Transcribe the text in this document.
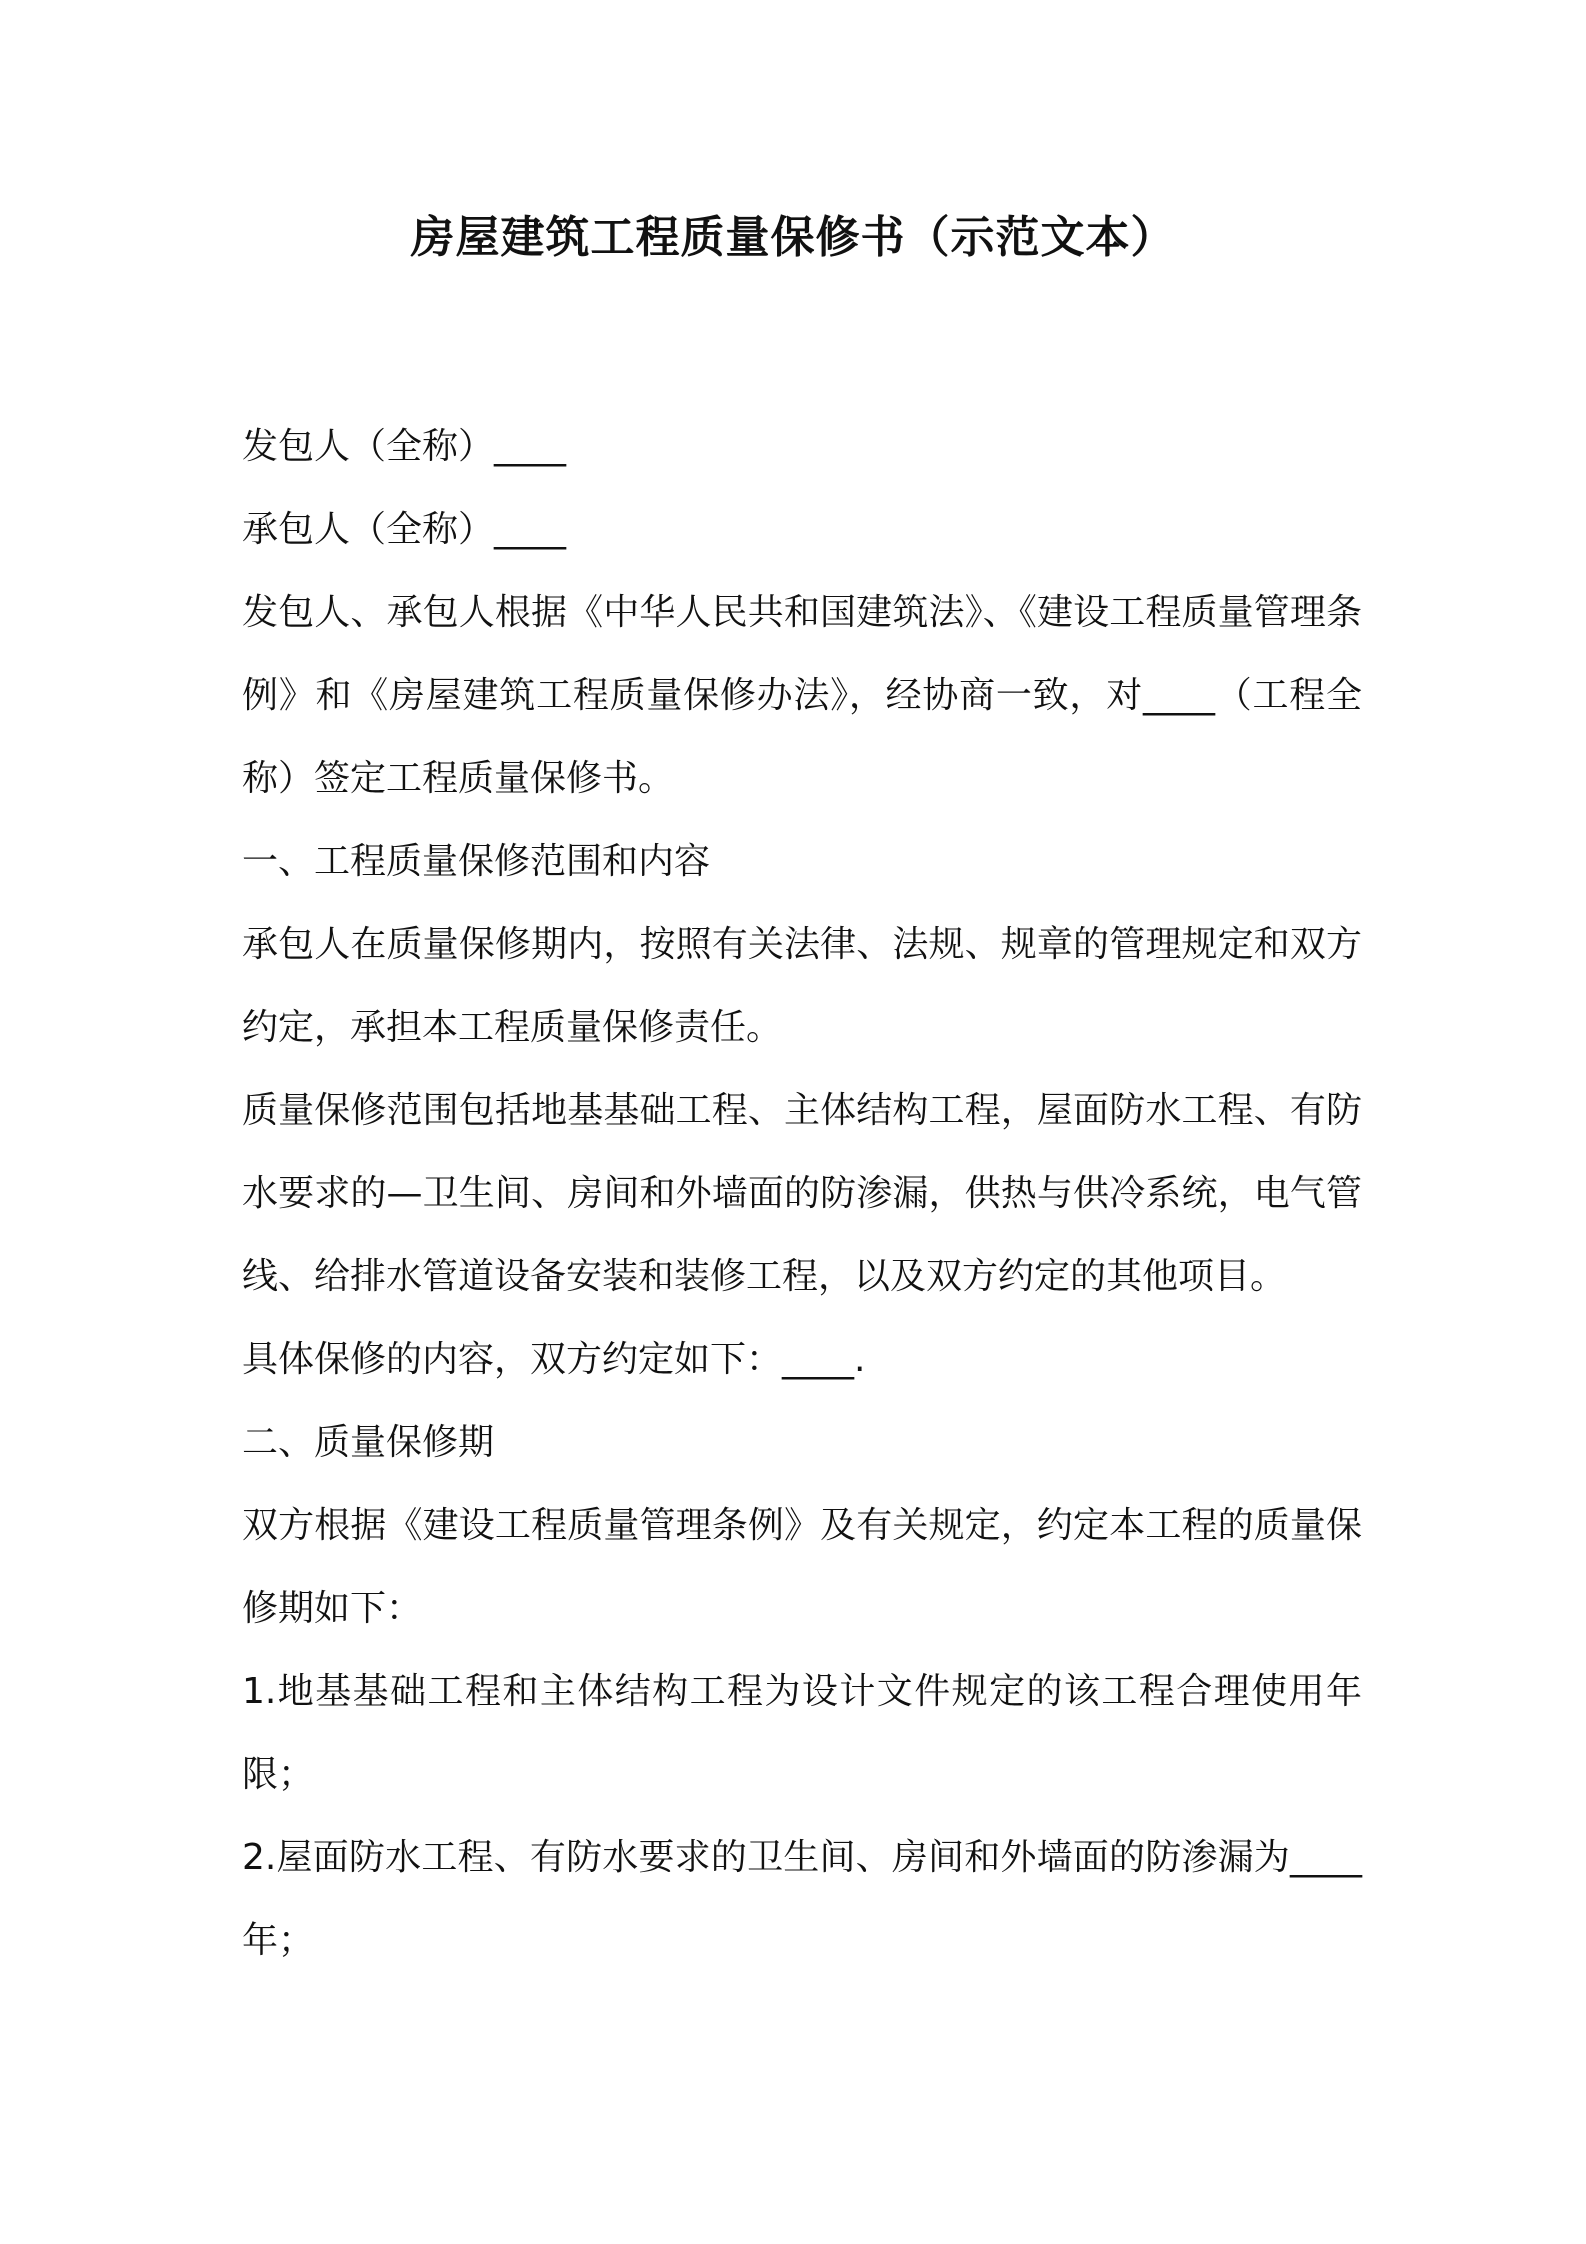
房屋建筑工程质量保修书（示范文本）

发包人（全称）____

承包人（全称）____

发包人、承包人根据《中华人民共和国建筑法》、《建设工程质量管理条例》和《房屋建筑工程质量保修办法》，经协商一致，对____（工程全称）签定工程质量保修书。

一、工程质量保修范围和内容

承包人在质量保修期内，按照有关法律、法规、规章的管理规定和双方约定，承担本工程质量保修责任。

质量保修范围包括地基基础工程、主体结构工程，屋面防水工程、有防水要求的—卫生间、房间和外墙面的防渗漏，供热与供冷系统，电气管线、给排水管道设备安装和装修工程，以及双方约定的其他项目。

具体保修的内容，双方约定如下：____.

二、质量保修期

双方根据《建设工程质量管理条例》及有关规定，约定本工程的质量保修期如下：

1.地基基础工程和主体结构工程为设计文件规定的该工程合理使用年限；

2.屋面防水工程、有防水要求的卫生间、房间和外墙面的防渗漏为____年；
